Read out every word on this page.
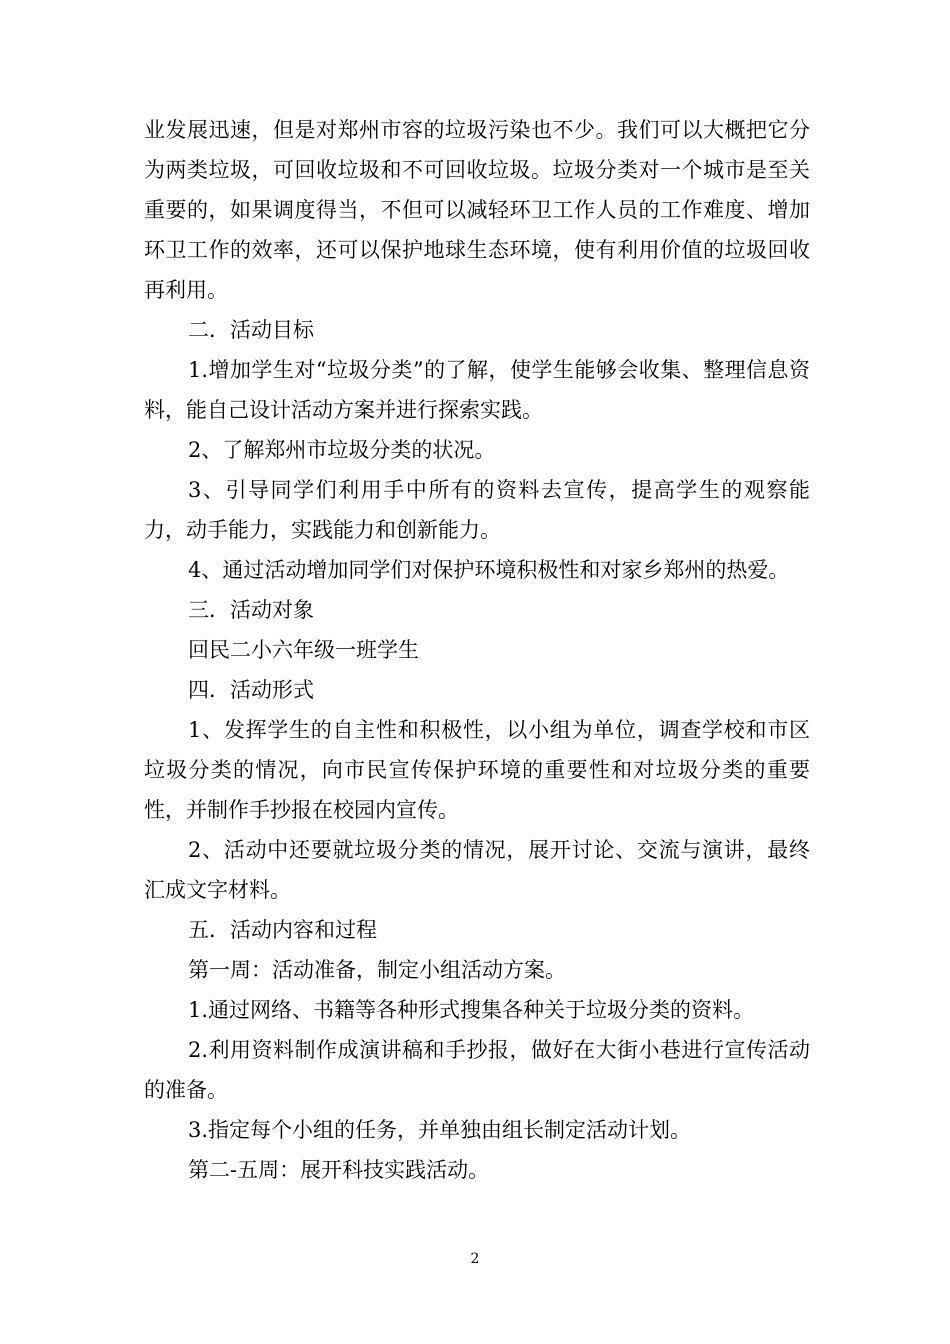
业发展迅速，但是对郑州市容的垃圾污染也不少。我们可以大概把它分为两类垃圾，可回收垃圾和不可回收垃圾。垃圾分类对一个城市是至关重要的，如果调度得当，不但可以减轻环卫工作人员的工作难度、增加环卫工作的效率，还可以保护地球生态环境，使有利用价值的垃圾回收再利用。

二．活动目标

1.增加学生对“垃圾分类”的了解，使学生能够会收集、整理信息资料，能自己设计活动方案并进行探索实践。

2、了解郑州市垃圾分类的状况。

3、引导同学们利用手中所有的资料去宣传，提高学生的观察能力，动手能力，实践能力和创新能力。

4、通过活动增加同学们对保护环境积极性和对家乡郑州的热爱。

三．活动对象

回民二小六年级一班学生

四．活动形式

1、发挥学生的自主性和积极性，以小组为单位，调查学校和市区垃圾分类的情况，向市民宣传保护环境的重要性和对垃圾分类的重要性，并制作手抄报在校园内宣传。

2、活动中还要就垃圾分类的情况，展开讨论、交流与演讲，最终汇成文字材料。

五．活动内容和过程

第一周：活动准备，制定小组活动方案。

1.通过网络、书籍等各种形式搜集各种关于垃圾分类的资料。

2.利用资料制作成演讲稿和手抄报，做好在大街小巷进行宣传活动的准备。

3.指定每个小组的任务，并单独由组长制定活动计划。

第二-五周：展开科技实践活动。

2
